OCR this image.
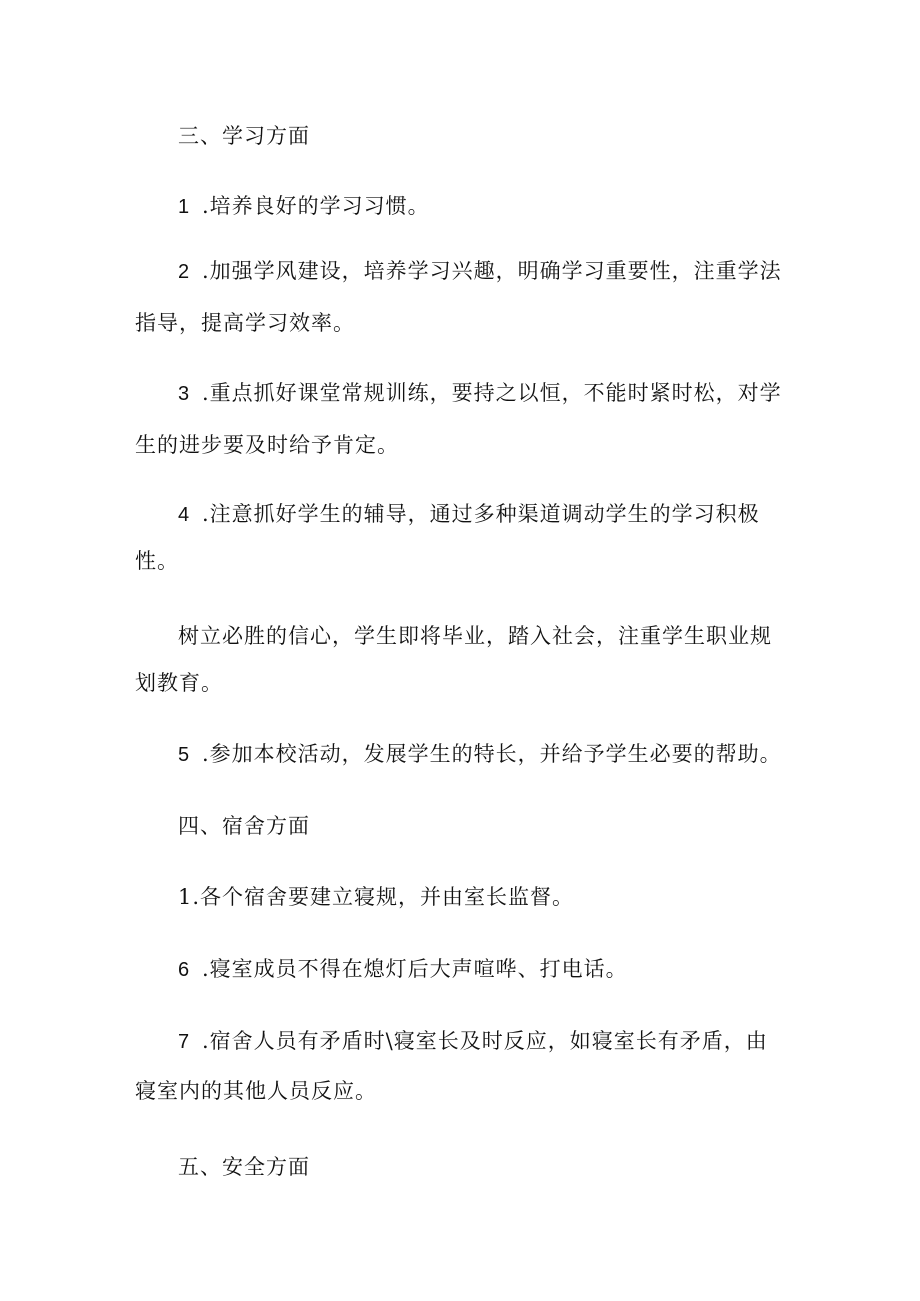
三、学习方面
1 .培养良好的学习习惯。
2 .加强学风建设，培养学习兴趣，明确学习重要性，注重学法
指导，提高学习效率。
3 .重点抓好课堂常规训练，要持之以恒，不能时紧时松，对学
生的进步要及时给予肯定。
4 .注意抓好学生的辅导，通过多种渠道调动学生的学习积极
性。
树立必胜的信心，学生即将毕业，踏入社会，注重学生职业规
划教育。
5 .参加本校活动，发展学生的特长，并给予学生必要的帮助。
四、宿舍方面
1.各个宿舍要建立寝规，并由室长监督。
6 .寝室成员不得在熄灯后大声喧哗、打电话。
7 .宿舍人员有矛盾时\寝室长及时反应，如寝室长有矛盾，由
寝室内的其他人员反应。
五、安全方面
